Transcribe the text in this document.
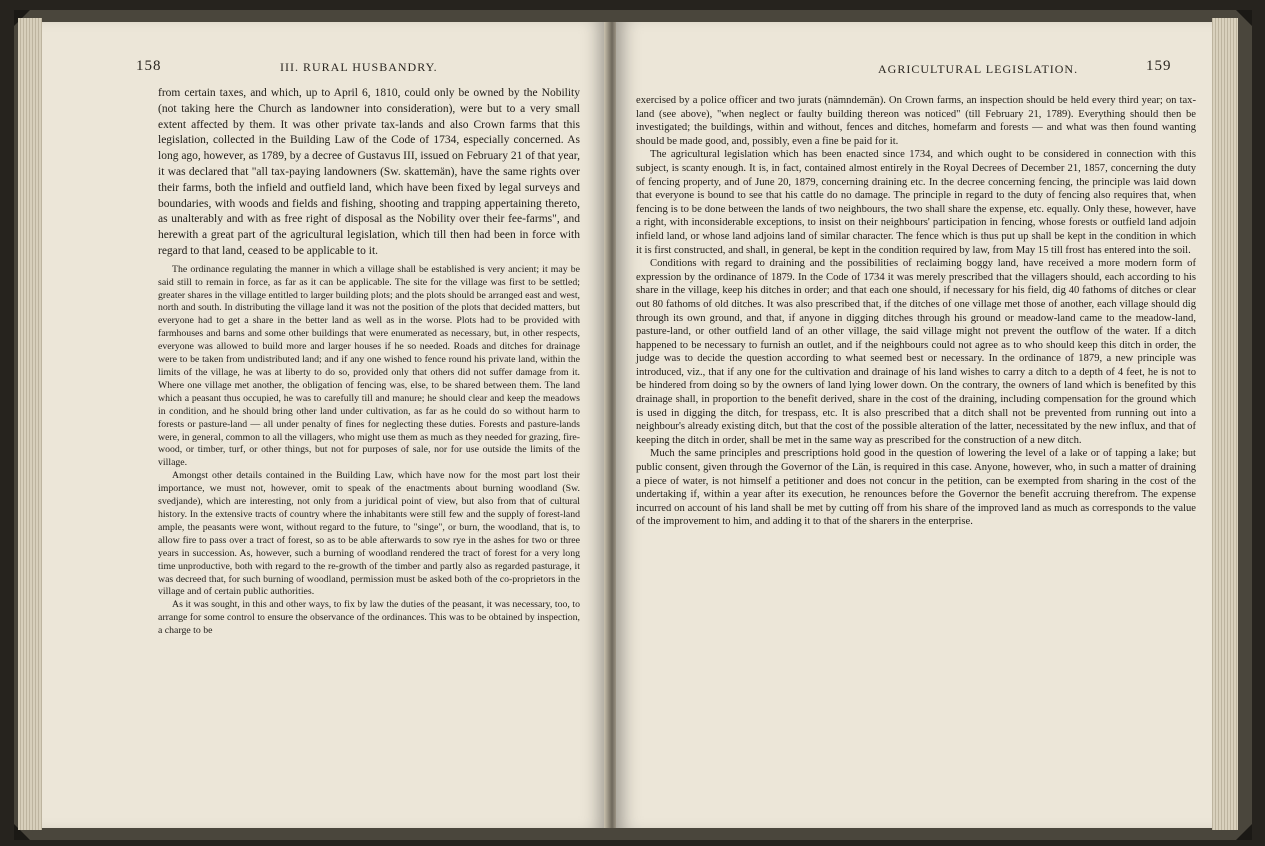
158	III. RURAL HUSBANDRY.

from certain taxes, and which, up to April 6, 1810, could only be owned by the Nobility (not taking here the Church as landowner into consideration), were but to a very small extent affected by them. It was other private tax-lands and also Crown farms that this legislation, collected in the Building Law of the Code of 1734, especially concerned. As long ago, however, as 1789, by a decree of Gustavus III, issued on February 21 of that year, it was declared that "all tax-paying landowners (Sw. skattemän), have the same rights over their farms, both the infield and outfield land, which have been fixed by legal surveys and boundaries, with woods and fields and fishing, shooting and trapping appertaining thereto, as unalterably and with as free right of disposal as the Nobility over their fee-farms", and herewith a great part of the agricultural legislation, which till then had been in force with regard to that land, ceased to be applicable to it.

The ordinance regulating the manner in which a village shall be established is very ancient; it may be said still to remain in force, as far as it can be applicable. The site for the village was first to be settled; greater shares in the village entitled to larger building plots; and the plots should be arranged east and west, north and south. In distributing the village land it was not the position of the plots that decided matters, but everyone had to get a share in the better land as well as in the worse. Plots had to be provided with farmhouses and barns and some other buildings that were enumerated as necessary, but, in other respects, everyone was allowed to build more and larger houses if he so needed. Roads and ditches for drainage were to be taken from undistributed land; and if any one wished to fence round his private land, within the limits of the village, he was at liberty to do so, provided only that others did not suffer damage from it. Where one village met another, the obligation of fencing was, else, to be shared between them. The land which a peasant thus occupied, he was to carefully till and manure; he should clear and keep the meadows in condition, and he should bring other land under cultivation, as far as he could do so without harm to forests or pasture-land — all under penalty of fines for neglecting these duties. Forests and pasture-lands were, in general, common to all the villagers, who might use them as much as they needed for grazing, fire-wood, or timber, turf, or other things, but not for purposes of sale, nor for use outside the limits of the village.

Amongst other details contained in the Building Law, which have now for the most part lost their importance, we must not, however, omit to speak of the enactments about burning woodland (Sw. svedjande), which are interesting, not only from a juridical point of view, but also from that of cultural history. In the extensive tracts of country where the inhabitants were still few and the supply of forest-land ample, the peasants were wont, without regard to the future, to "singe", or burn, the woodland, that is, to allow fire to pass over a tract of forest, so as to be able afterwards to sow rye in the ashes for two or three years in succession. As, however, such a burning of woodland rendered the tract of forest for a very long time unproductive, both with regard to the re-growth of the timber and partly also as regarded pasturage, it was decreed that, for such burning of woodland, permission must be asked both of the co-proprietors in the village and of certain public authorities.

As it was sought, in this and other ways, to fix by law the duties of the peasant, it was necessary, too, to arrange for some control to ensure the observance of the ordinances. This was to be obtained by inspection, a charge to be

AGRICULTURAL LEGISLATION.	159

exercised by a police officer and two jurats (nämndemän). On Crown farms, an inspection should be held every third year; on tax-land (see above), "when neglect or faulty building thereon was noticed" (till February 21, 1789). Everything should then be investigated; the buildings, within and without, fences and ditches, homefarm and forests — and what was then found wanting should be made good, and, possibly, even a fine be paid for it.

The agricultural legislation which has been enacted since 1734, and which ought to be considered in connection with this subject, is scanty enough. It is, in fact, contained almost entirely in the Royal Decrees of December 21, 1857, concerning the duty of fencing property, and of June 20, 1879, concerning draining etc. In the decree concerning fencing, the principle was laid down that everyone is bound to see that his cattle do no damage. The principle in regard to the duty of fencing also requires that, when fencing is to be done between the lands of two neighbours, the two shall share the expense, etc. equally. Only these, however, have a right, with inconsiderable exceptions, to insist on their neighbours' participation in fencing, whose forests or outfield land adjoin infield land, or whose land adjoins land of similar character. The fence which is thus put up shall be kept in the condition in which it is first constructed, and shall, in general, be kept in the condition required by law, from May 15 till frost has entered into the soil.

Conditions with regard to draining and the possibilities of reclaiming boggy land, have received a more modern form of expression by the ordinance of 1879. In the Code of 1734 it was merely prescribed that the villagers should, each according to his share in the village, keep his ditches in order; and that each one should, if necessary for his field, dig 40 fathoms of ditches or clear out 80 fathoms of old ditches. It was also prescribed that, if the ditches of one village met those of another, each village should dig through its own ground, and that, if anyone in digging ditches through his ground or meadow-land came to the meadow-land, pasture-land, or other outfield land of an other village, the said village might not prevent the outflow of the water. If a ditch happened to be necessary to furnish an outlet, and if the neighbours could not agree as to who should keep this ditch in order, the judge was to decide the question according to what seemed best or necessary. In the ordinance of 1879, a new principle was introduced, viz., that if any one for the cultivation and drainage of his land wishes to carry a ditch to a depth of 4 feet, he is not to be hindered from doing so by the owners of land lying lower down. On the contrary, the owners of land which is benefited by this drainage shall, in proportion to the benefit derived, share in the cost of the draining, including compensation for the ground which is used in digging the ditch, for trespass, etc. It is also prescribed that a ditch shall not be prevented from running out into a neighbour's already existing ditch, but that the cost of the possible alteration of the latter, necessitated by the new influx, and that of keeping the ditch in order, shall be met in the same way as prescribed for the construction of a new ditch.

Much the same principles and prescriptions hold good in the question of lowering the level of a lake or of tapping a lake; but public consent, given through the Governor of the Län, is required in this case. Anyone, however, who, in such a matter of draining a piece of water, is not himself a petitioner and does not concur in the petition, can be exempted from sharing in the cost of the undertaking if, within a year after its execution, he renounces before the Governor the benefit accruing therefrom. The expense incurred on account of his land shall be met by cutting off from his share of the improved land as much as corresponds to the value of the improvement to him, and adding it to that of the sharers in the enterprise.
